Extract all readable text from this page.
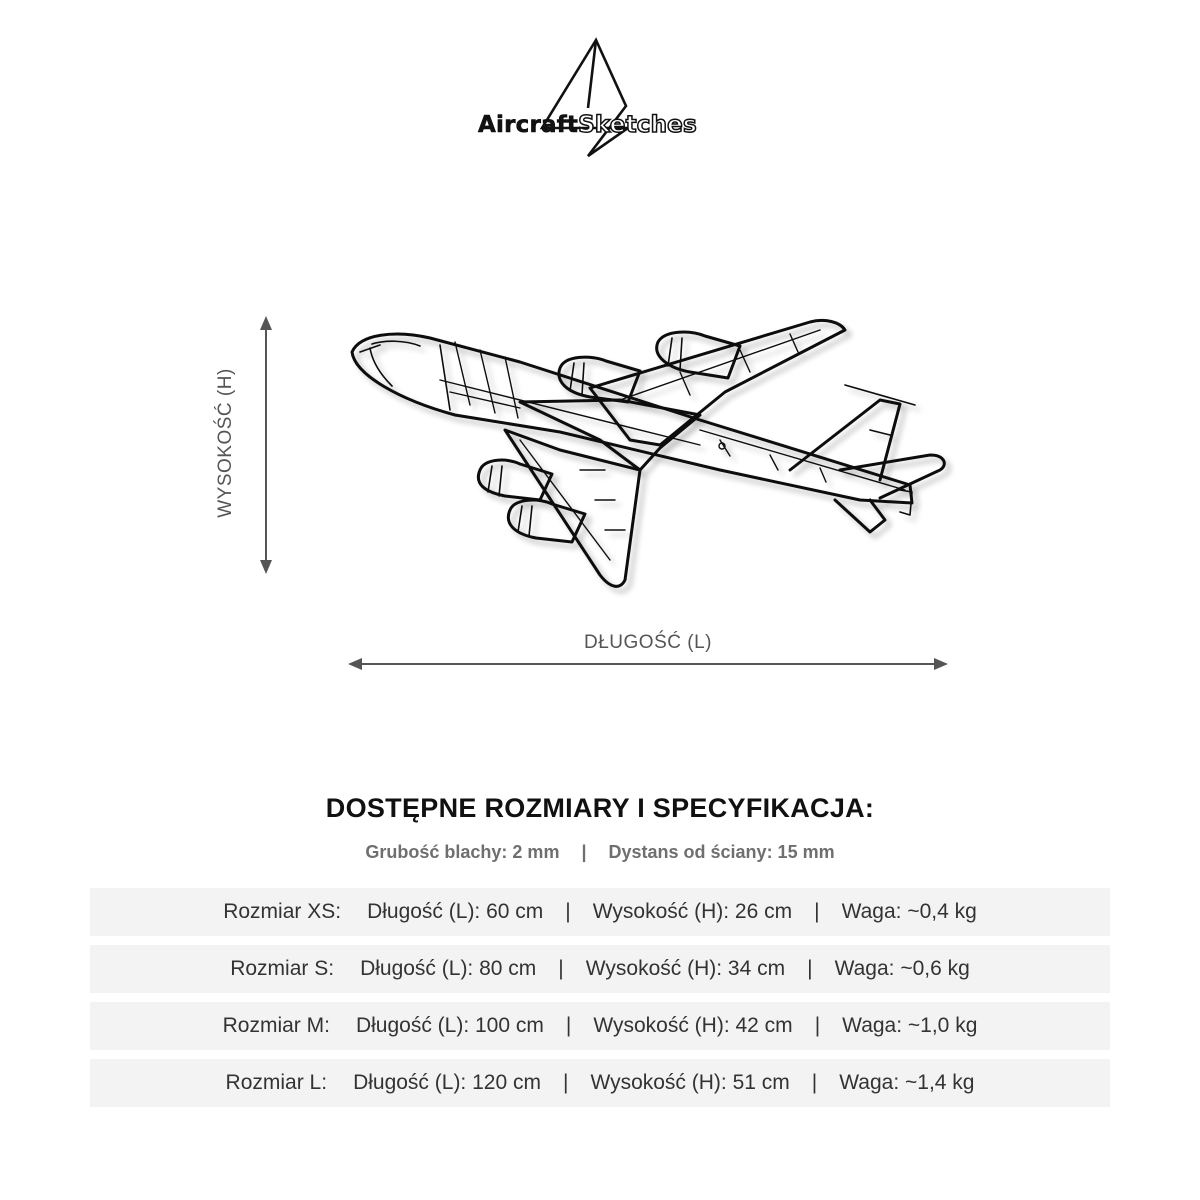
AircraftSketches
WYSOKOŚĆ (H)
DŁUGOŚĆ (L)
DOSTĘPNE ROZMIARY I SPECYFIKACJA:
Grubość blachy: 2 mm | Dystans od ściany: 15 mm
Rozmiar XS: Długość (L): 60 cm | Wysokość (H): 26 cm | Waga: ~0,4 kg
Rozmiar S: Długość (L): 80 cm | Wysokość (H): 34 cm | Waga: ~0,6 kg
Rozmiar M: Długość (L): 100 cm | Wysokość (H): 42 cm | Waga: ~1,0 kg
Rozmiar L: Długość (L): 120 cm | Wysokość (H): 51 cm | Waga: ~1,4 kg
